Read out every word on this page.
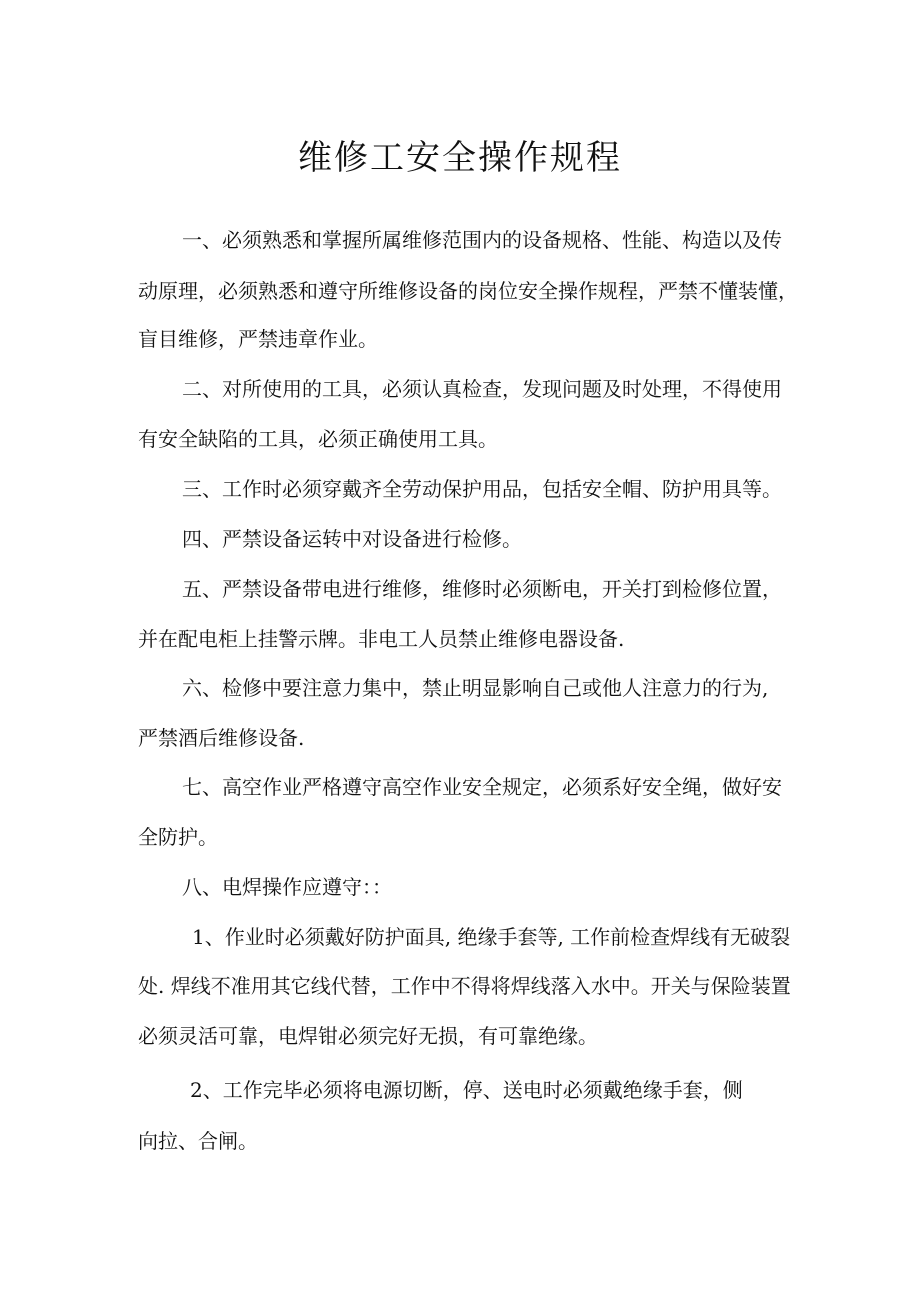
维修工安全操作规程
一、必须熟悉和掌握所属维修范围内的设备规格、性能、构造以及传
动原理，必须熟悉和遵守所维修设备的岗位安全操作规程，严禁不懂装懂，
盲目维修，严禁违章作业。
二、对所使用的工具，必须认真检查，发现问题及时处理，不得使用
有安全缺陷的工具，必须正确使用工具。
三、工作时必须穿戴齐全劳动保护用品，包括安全帽、防护用具等。
四、严禁设备运转中对设备进行检修。
五、严禁设备带电进行维修，维修时必须断电，开关打到检修位置，
并在配电柜上挂警示牌。非电工人员禁止维修电器设备.
六、检修中要注意力集中，禁止明显影响自己或他人注意力的行为,
严禁酒后维修设备.
七、高空作业严格遵守高空作业安全规定，必须系好安全绳，做好安
全防护。
八、电焊操作应遵守：：
1、作业时必须戴好防护面具, 绝缘手套等, 工作前检查焊线有无破裂
处. 焊线不准用其它线代替，工作中不得将焊线落入水中。开关与保险装置
必须灵活可靠，电焊钳必须完好无损，有可靠绝缘。
2、工作完毕必须将电源切断，停、送电时必须戴绝缘手套，侧
向拉、合闸。
